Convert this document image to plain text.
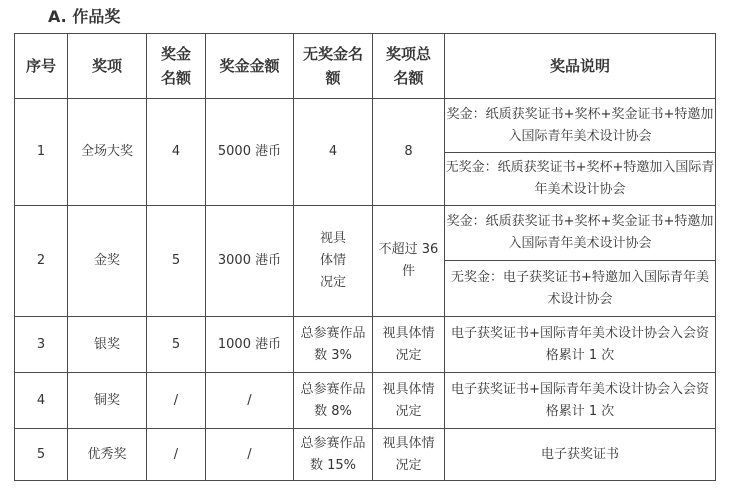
A. 作品奖
序号	奖项	奖金名额	奖金金额	无奖金名额	奖项总名额	奖品说明
1	全场大奖	4	5000 港币	4	8	奖金：纸质获奖证书+奖杯+奖金证书+特邀加入国际青年美术设计协会
						无奖金：纸质获奖证书+奖杯+特邀加入国际青年美术设计协会
2	金奖	5	3000 港币	视具体情况定	不超过 36 件	奖金：纸质获奖证书+奖杯+奖金证书+特邀加入国际青年美术设计协会
						无奖金：电子获奖证书+特邀加入国际青年美术设计协会
3	银奖	5	1000 港币	总参赛作品数 3%	视具体情况定	电子获奖证书+国际青年美术设计协会入会资格累计 1 次
4	铜奖	/	/	总参赛作品数 8%	视具体情况定	电子获奖证书+国际青年美术设计协会入会资格累计 1 次
5	优秀奖	/	/	总参赛作品数 15%	视具体情况定	电子获奖证书
